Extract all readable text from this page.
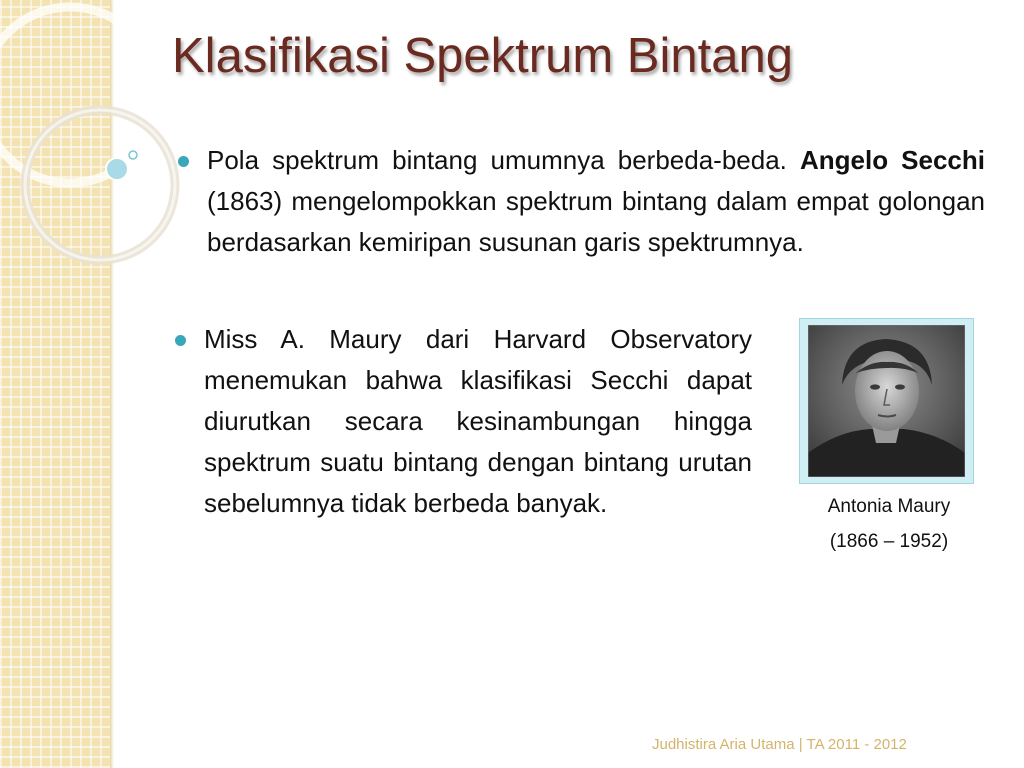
Klasifikasi Spektrum Bintang

Pola spektrum bintang umumnya berbeda-beda. Angelo Secchi (1863) mengelompokkan spektrum bintang dalam empat golongan berdasarkan kemiripan susunan garis spektrumnya.

Miss A. Maury dari Harvard Observatory menemukan bahwa klasifikasi Secchi dapat diurutkan secara kesinambungan hingga spektrum suatu bintang dengan bintang urutan sebelumnya tidak berbeda banyak.	Antonia Maury

(1866 – 1952)

Judhistira Aria Utama | TA 2011 - 2012
